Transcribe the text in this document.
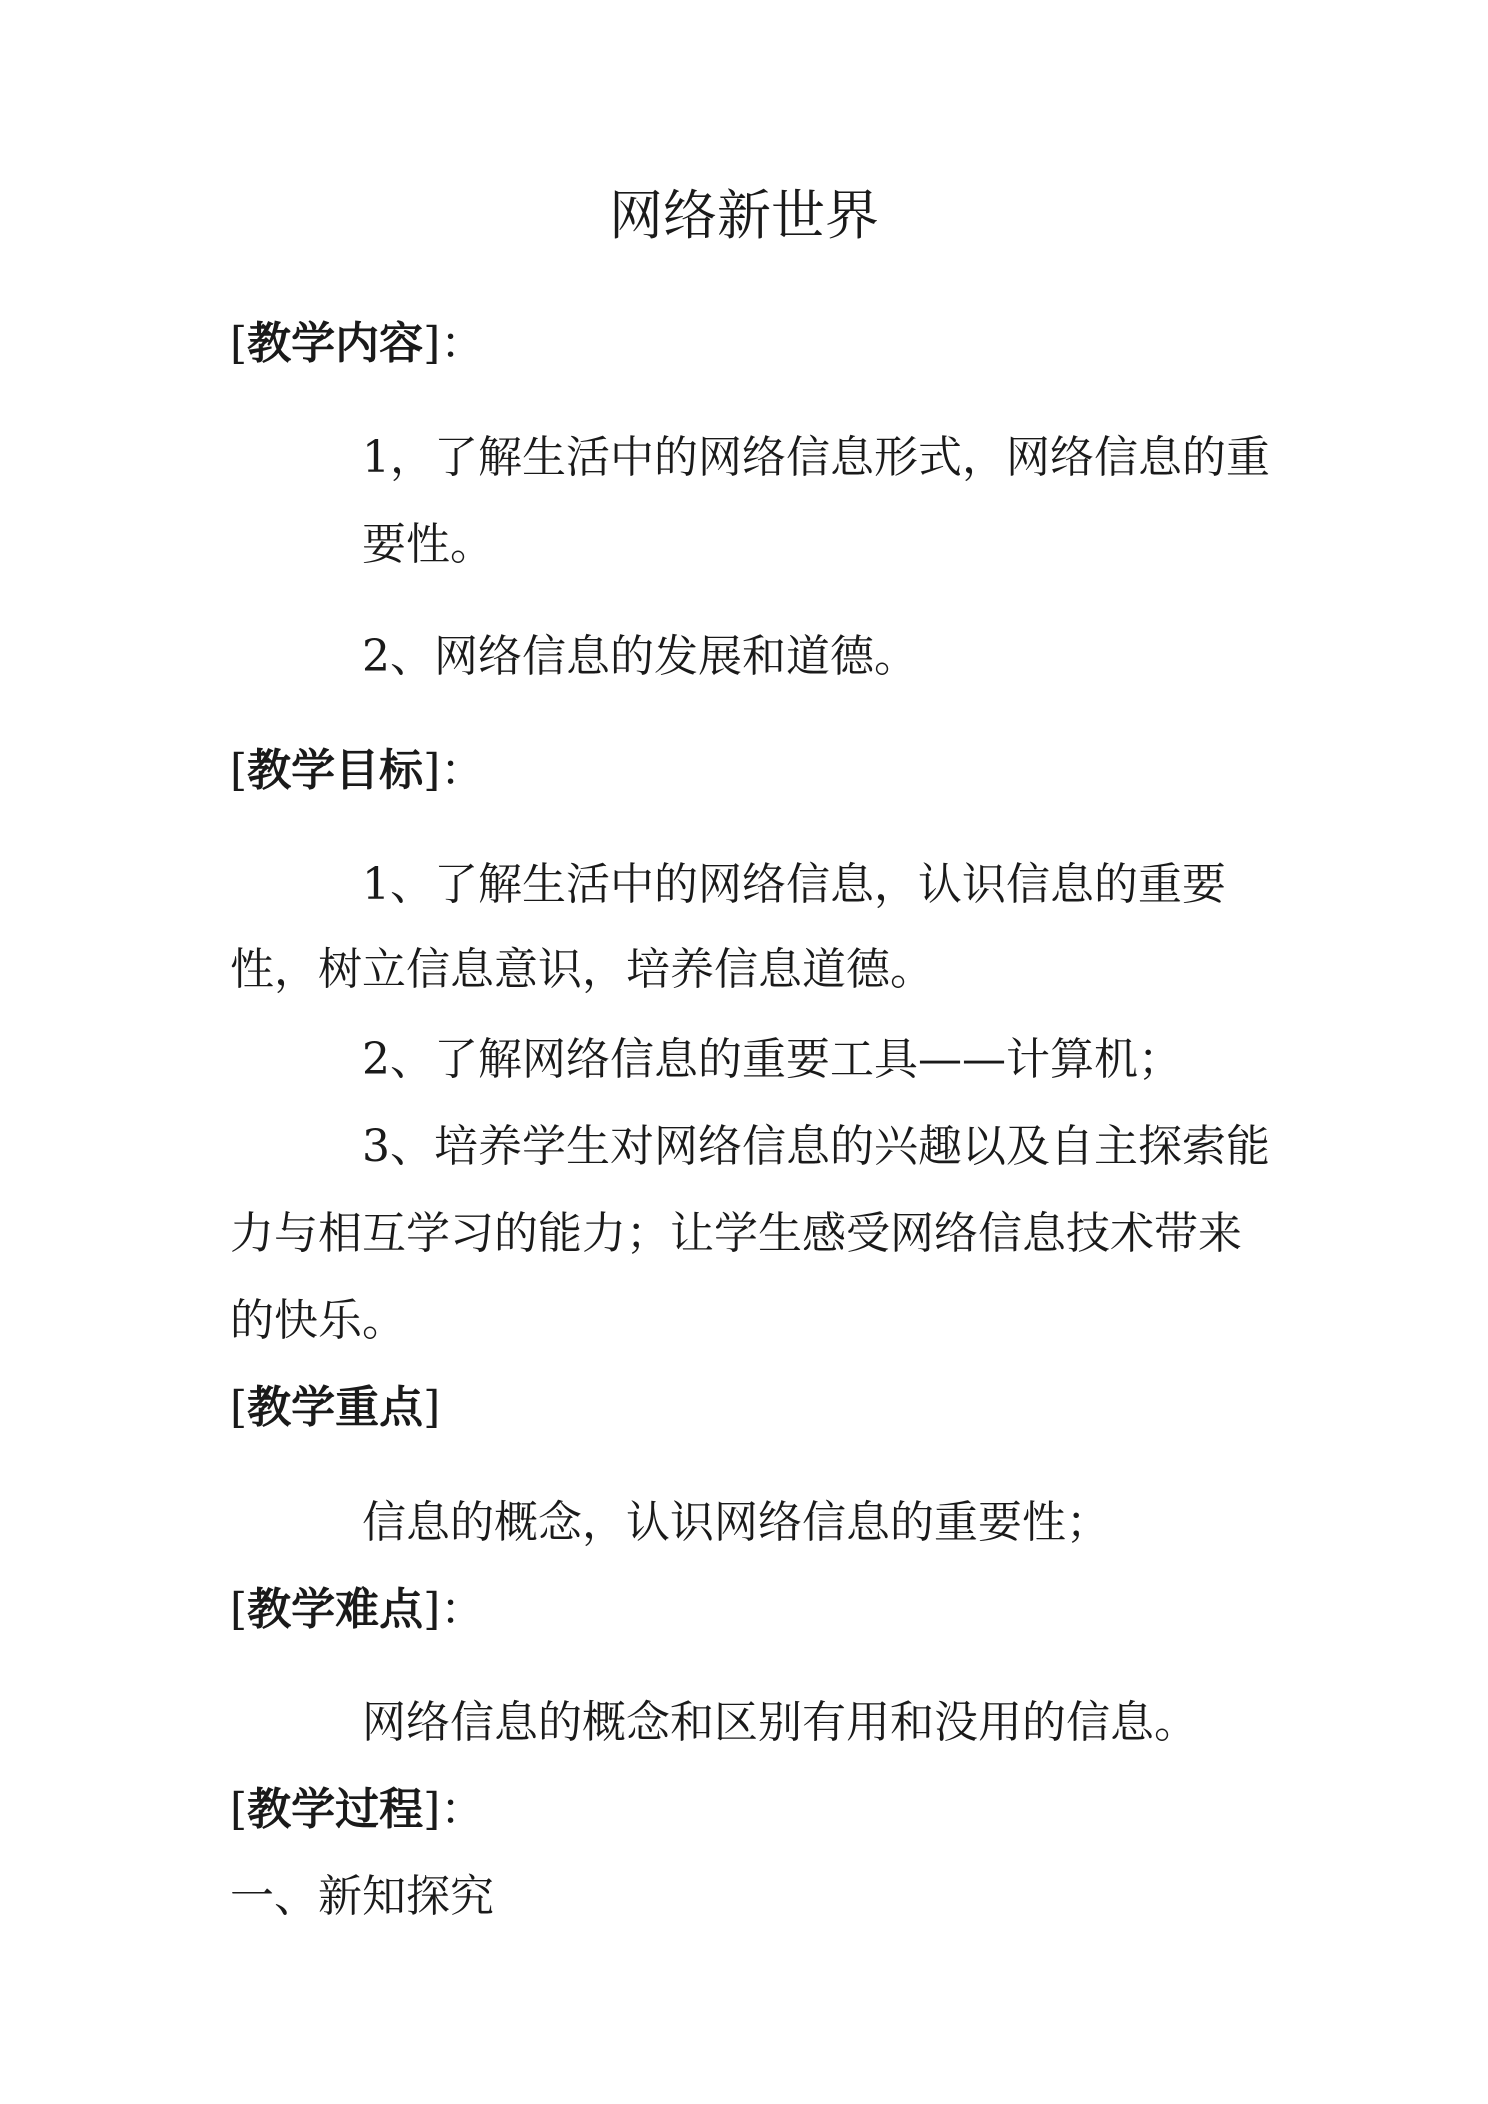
网络新世界
[教学内容]：
1，了解生活中的网络信息形式，网络信息的重
要性。
2、网络信息的发展和道德。
[教学目标]：
1、了解生活中的网络信息，认识信息的重要
性，树立信息意识，培养信息道德。
2、了解网络信息的重要工具——计算机；
3、培养学生对网络信息的兴趣以及自主探索能
力与相互学习的能力；让学生感受网络信息技术带来
的快乐。
[教学重点]
信息的概念，认识网络信息的重要性；
[教学难点]：
网络信息的概念和区别有用和没用的信息。
[教学过程]：
一、新知探究
